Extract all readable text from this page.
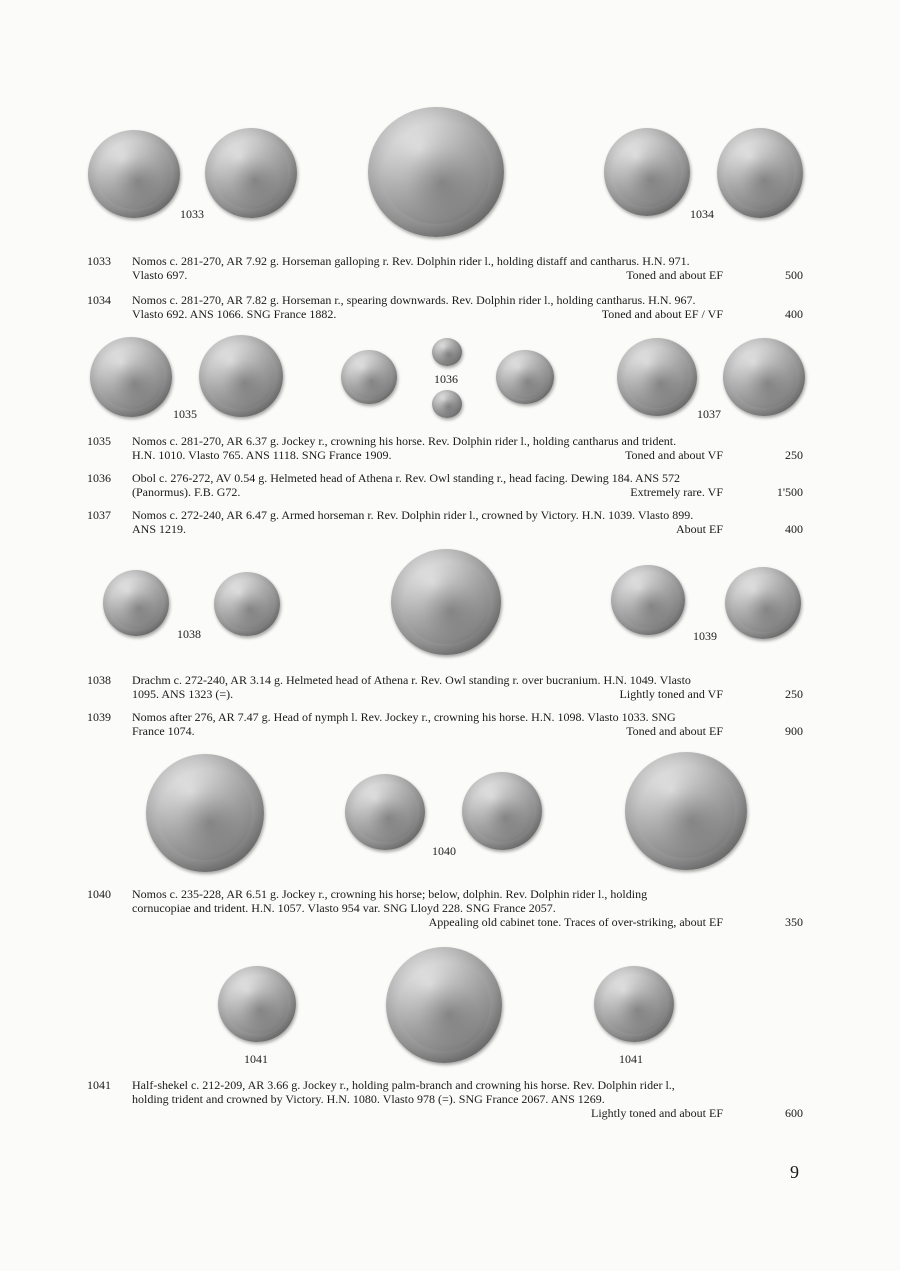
1033	1034
1033 Nomos c. 281-270, AR 7.92 g. Horseman galloping r. Rev. Dolphin rider l., holding distaff and cantharus. H.N. 971.
Vlasto 697.	Toned and about EF	500
1034 Nomos c. 281-270, AR 7.82 g. Horseman r., spearing downwards. Rev. Dolphin rider l., holding cantharus. H.N. 967.
Vlasto 692. ANS 1066. SNG France 1882.	Toned and about EF / VF	400
1035
1036
1037
1035 Nomos c. 281-270, AR 6.37 g. Jockey r., crowning his horse. Rev. Dolphin rider l., holding cantharus and trident.
H.N. 1010. Vlasto 765. ANS 1118. SNG France 1909.	Toned and about VF	250
1036 Obol c. 276-272, AV 0.54 g. Helmeted head of Athena r. Rev. Owl standing r., head facing. Dewing 184. ANS 572
(Panormus). F.B. G72.	Extremely rare. VF	1'500
1037 Nomos c. 272-240, AR 6.47 g. Armed horseman r. Rev. Dolphin rider l., crowned by Victory. H.N. 1039. Vlasto 899.
ANS 1219.	About EF	400
1038	1039
1038 Drachm c. 272-240, AR 3.14 g. Helmeted head of Athena r. Rev. Owl standing r. over bucranium. H.N. 1049. Vlasto
1095. ANS 1323 (=).	Lightly toned and VF	250
1039 Nomos after 276, AR 7.47 g. Head of nymph l. Rev. Jockey r., crowning his horse. H.N. 1098. Vlasto 1033. SNG
France 1074.	Toned and about EF	900
1040
1040 Nomos c. 235-228, AR 6.51 g. Jockey r., crowning his horse; below, dolphin. Rev. Dolphin rider l., holding
cornucopiae and trident. H.N. 1057. Vlasto 954 var. SNG Lloyd 228. SNG France 2057.
Appealing old cabinet tone. Traces of over-striking, about EF	350
1041	1041
1041 Half-shekel c. 212-209, AR 3.66 g. Jockey r., holding palm-branch and crowning his horse. Rev. Dolphin rider l.,
holding trident and crowned by Victory. H.N. 1080. Vlasto 978 (=). SNG France 2067. ANS 1269.
Lightly toned and about EF	600
9
